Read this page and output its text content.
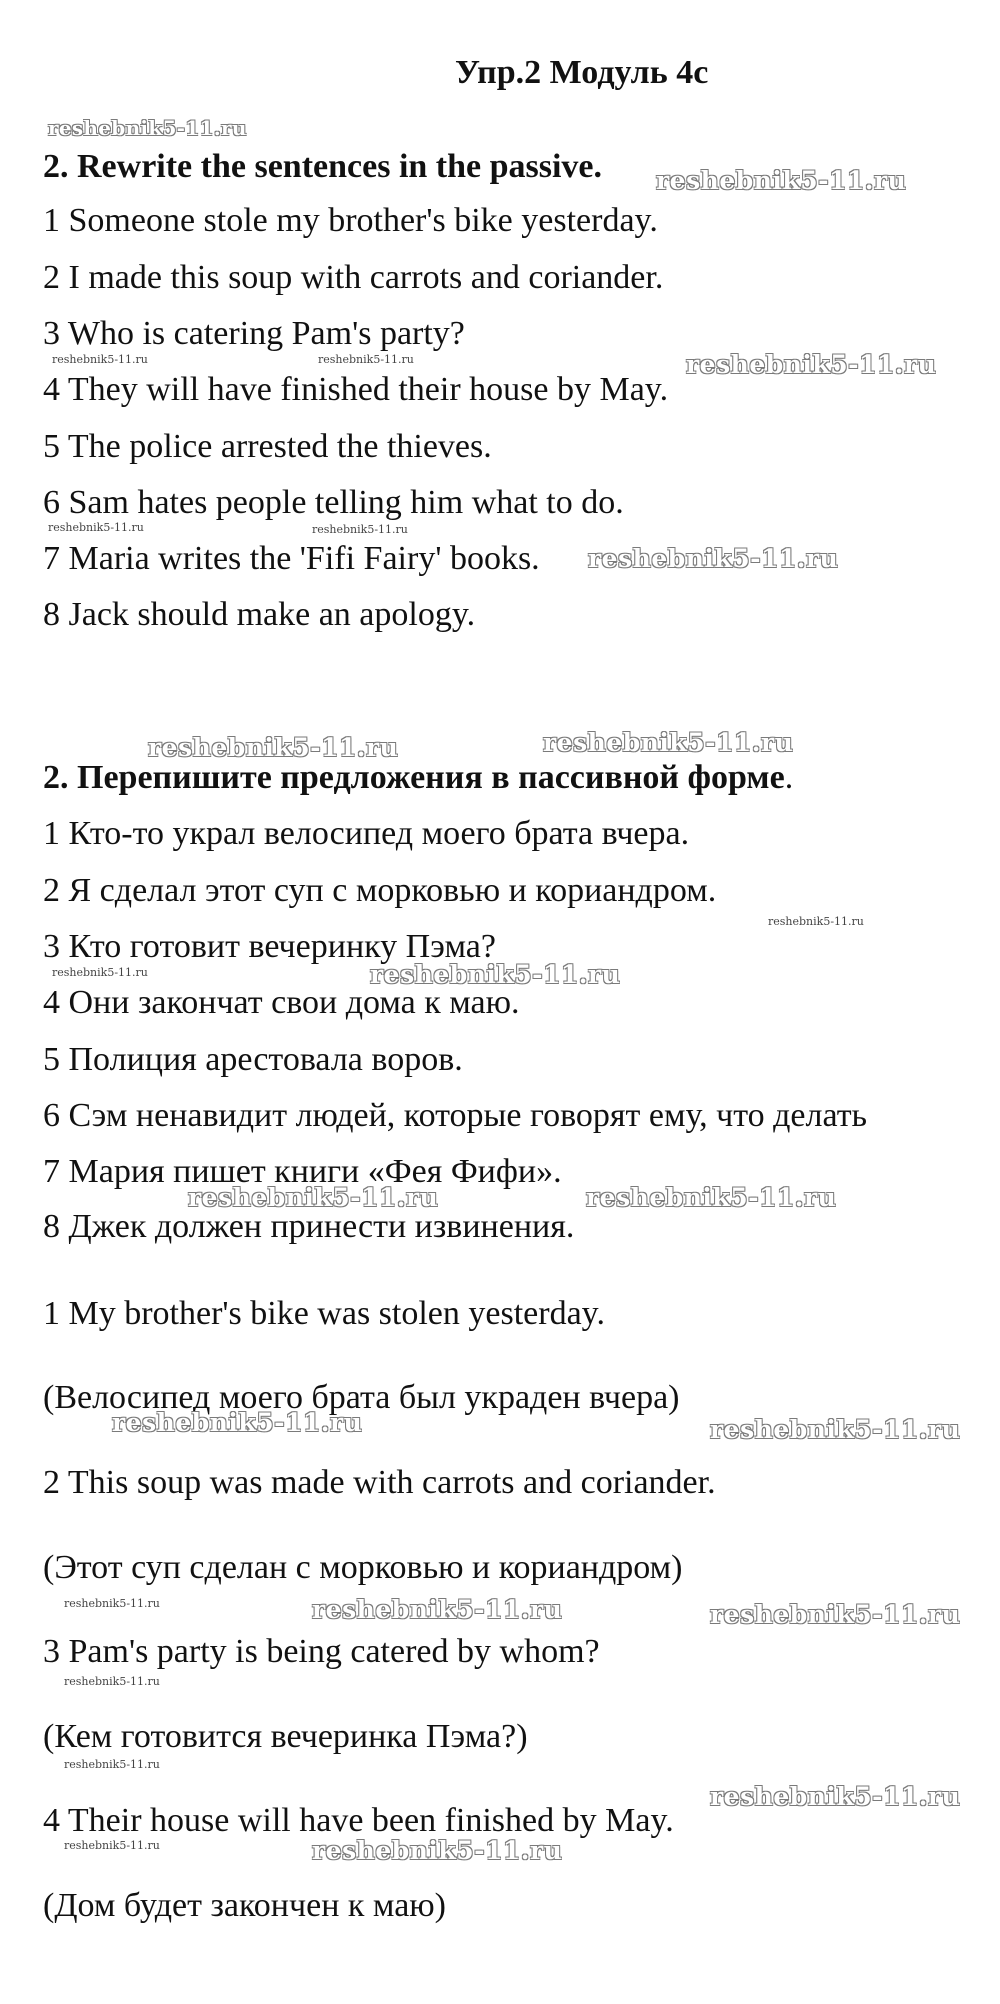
Упр.2 Модуль 4с
2. Rewrite the sentences in the passive.
1 Someone stole my brother's bike yesterday.
2 I made this soup with carrots and coriander.
3 Who is catering Pam's party?
4 They will have finished their house by May.
5 The police arrested the thieves.
6 Sam hates people telling him what to do.
7 Maria writes the 'Fifi Fairy' books.
8 Jack should make an apology.
2. Перепишите предложения в пассивной форме.
1 Кто-то украл велосипед моего брата вчера.
2 Я сделал этот суп с морковью и кориандром.
3 Кто готовит вечеринку Пэма?
4 Они закончат свои дома к маю.
5 Полиция арестовала воров.
6 Сэм ненавидит людей, которые говорят ему, что делать
7 Мария пишет книги «Фея Фифи».
8 Джек должен принести извинения.
1 My brother's bike was stolen yesterday.
(Велосипед моего брата был украден вчера)
2 This soup was made with carrots and coriander.
(Этот суп сделан с морковью и кориандром)
3 Pam's party is being catered by whom?
(Кем готовится вечеринка Пэма?)
4 Their house will have been finished by May.
(Дом будет закончен к маю)
reshebnik5-11.ru
reshebnik5-11.ru
reshebnik5-11.ru	reshebnik5-11.ru	reshebnik5-11.ru
reshebnik5-11.ru	reshebnik5-11.ru
reshebnik5-11.ru
reshebnik5-11.ru	reshebnik5-11.ru
reshebnik5-11.ru
reshebnik5-11.ru	reshebnik5-11.ru
reshebnik5-11.ru	reshebnik5-11.ru
reshebnik5-11.ru	reshebnik5-11.ru
reshebnik5-11.ru	reshebnik5-11.ru	reshebnik5-11.ru
reshebnik5-11.ru
reshebnik5-11.ru
reshebnik5-11.ru
reshebnik5-11.ru	reshebnik5-11.ru
